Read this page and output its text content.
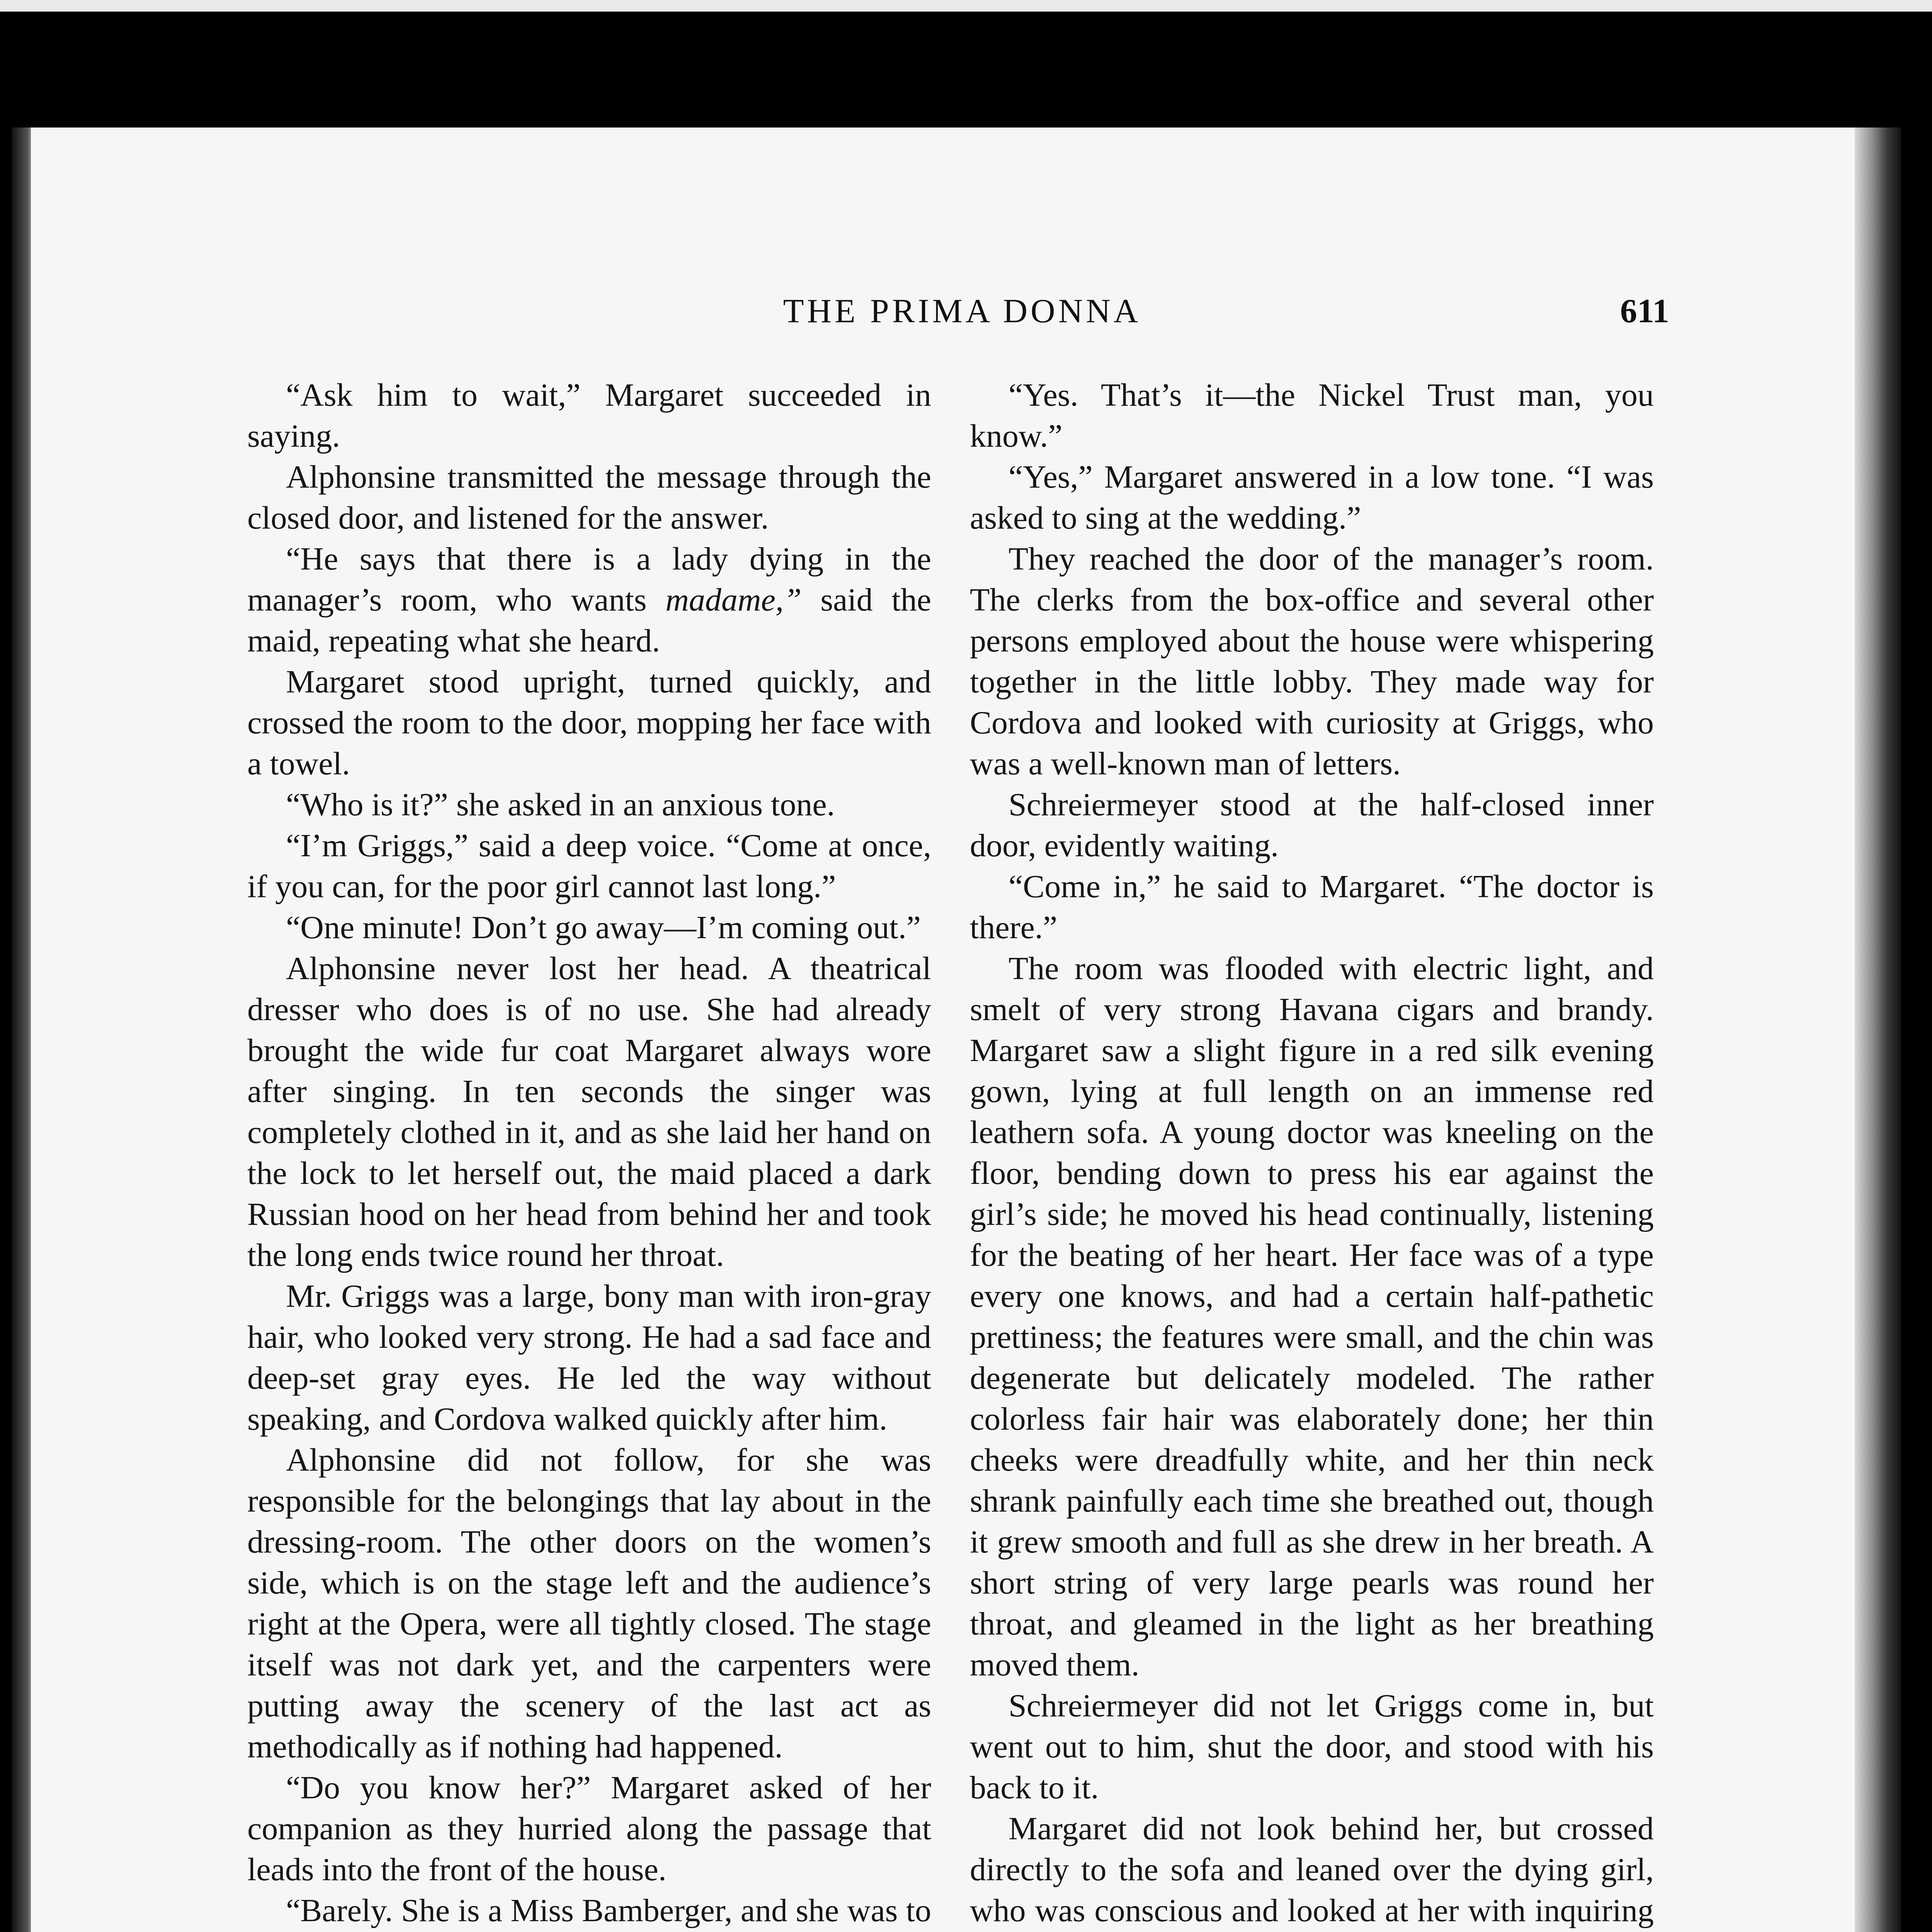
THE PRIMA DONNA	611

“Ask him to wait,” Margaret succeeded in saying.

Alphonsine transmitted the message through the closed door, and listened for the answer.

“He says that there is a lady dying in the manager’s room, who wants madame,” said the maid, repeating what she heard.

Margaret stood upright, turned quickly, and crossed the room to the door, mopping her face with a towel.

“Who is it?” she asked in an anxious tone.

“I’m Griggs,” said a deep voice. “Come at once, if you can, for the poor girl cannot last long.”

“One minute! Don’t go away—I’m coming out.”

Alphonsine never lost her head. A theatrical dresser who does is of no use. She had already brought the wide fur coat Margaret always wore after singing. In ten seconds the singer was completely clothed in it, and as she laid her hand on the lock to let herself out, the maid placed a dark Russian hood on her head from behind her and took the long ends twice round her throat.

Mr. Griggs was a large, bony man with iron-gray hair, who looked very strong. He had a sad face and deep-set gray eyes. He led the way without speaking, and Cordova walked quickly after him.

Alphonsine did not follow, for she was responsible for the belongings that lay about in the dressing-room. The other doors on the women’s side, which is on the stage left and the audience’s right at the Opera, were all tightly closed. The stage itself was not dark yet, and the carpenters were putting away the scenery of the last act as methodically as if nothing had happened.

“Do you know her?” Margaret asked of her companion as they hurried along the passage that leads into the front of the house.

“Barely. She is a Miss Bamberger, and she was to

“Yes. That’s it—the Nickel Trust man, you know.”

“Yes,” Margaret answered in a low tone. “I was asked to sing at the wedding.”

They reached the door of the manager’s room. The clerks from the box-office and several other persons employed about the house were whispering together in the little lobby. They made way for Cordova and looked with curiosity at Griggs, who was a well-known man of letters.

Schreiermeyer stood at the half-closed inner door, evidently waiting.

“Come in,” he said to Margaret. “The doctor is there.”

The room was flooded with electric light, and smelt of very strong Havana cigars and brandy. Margaret saw a slight figure in a red silk evening gown, lying at full length on an immense red leathern sofa. A young doctor was kneeling on the floor, bending down to press his ear against the girl’s side; he moved his head continually, listening for the beating of her heart. Her face was of a type every one knows, and had a certain half-pathetic prettiness; the features were small, and the chin was degenerate but delicately modeled. The rather colorless fair hair was elaborately done; her thin cheeks were dreadfully white, and her thin neck shrank painfully each time she breathed out, though it grew smooth and full as she drew in her breath. A short string of very large pearls was round her throat, and gleamed in the light as her breathing moved them.

Schreiermeyer did not let Griggs come in, but went out to him, shut the door, and stood with his back to it.

Margaret did not look behind her, but crossed directly to the sofa and leaned over the dying girl, who was conscious and looked at her with inquiring
